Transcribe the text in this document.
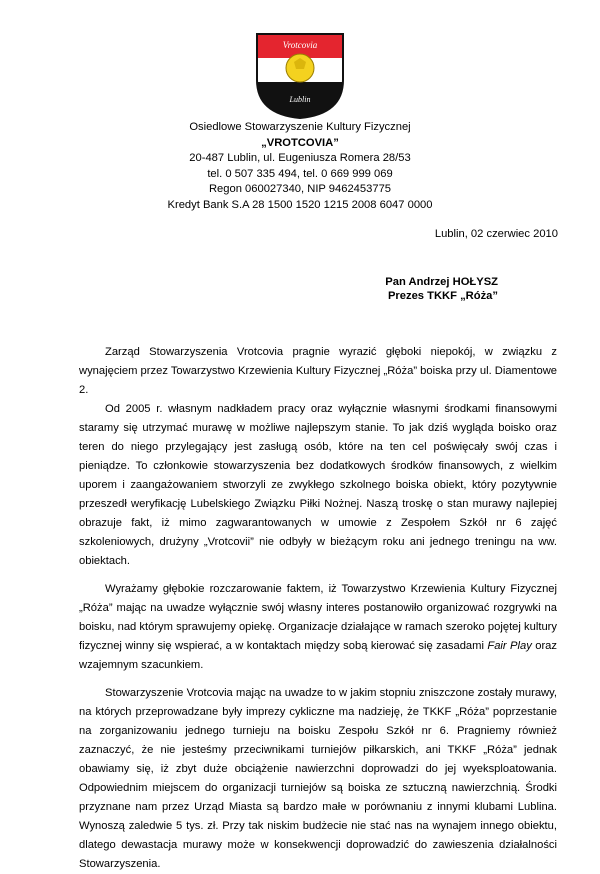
Vrotcovia
Lublin
Osiedlowe Stowarzyszenie Kultury Fizycznej
„VROTCOVIA”
20-487 Lublin, ul. Eugeniusza Romera 28/53
tel. 0 507 335 494, tel. 0 669 999 069
Regon 060027340, NIP 9462453775
Kredyt Bank S.A 28 1500 1520 1215 2008 6047 0000
Lublin, 02 czerwiec 2010
Pan Andrzej HOŁYSZ
Prezes TKKF „Róża”

Zarząd Stowarzyszenia Vrotcovia pragnie wyrazić głęboki niepokój, w związku z wynajęciem przez Towarzystwo Krzewienia Kultury Fizycznej „Róża” boiska przy ul. Diamentowe 2.

Od 2005 r. własnym nadkładem pracy oraz wyłącznie własnymi środkami finansowymi staramy się utrzymać murawę w możliwe najlepszym stanie. To jak dziś wygląda boisko oraz teren do niego przylegający jest zasługą osób, które na ten cel poświęcały swój czas i pieniądze. To członkowie stowarzyszenia bez dodatkowych środków finansowych, z wielkim uporem i zaangażowaniem stworzyli ze zwykłego szkolnego boiska obiekt, który pozytywnie przeszedł weryfikację Lubelskiego Związku Piłki Nożnej. Naszą troskę o stan murawy najlepiej obrazuje fakt, iż mimo zagwarantowanych w umowie z Zespołem Szkół nr 6 zajęć szkoleniowych, drużyny „Vrotcovii” nie odbyły w bieżącym roku ani jednego treningu na ww. obiektach.

Wyrażamy głębokie rozczarowanie faktem, iż Towarzystwo Krzewienia Kultury Fizycznej „Róża” mając na uwadze wyłącznie swój własny interes postanowiło organizować rozgrywki na boisku, nad którym sprawujemy opiekę. Organizacje działające w ramach szeroko pojętej kultury fizycznej winny się wspierać, a w kontaktach między sobą kierować się zasadami Fair Play oraz wzajemnym szacunkiem.

Stowarzyszenie Vrotcovia mając na uwadze to w jakim stopniu zniszczone zostały murawy, na których przeprowadzane były imprezy cykliczne ma nadzieję, że TKKF „Róża” poprzestanie na zorganizowaniu jednego turnieju na boisku Zespołu Szkół nr 6. Pragniemy również zaznaczyć, że nie jesteśmy przeciwnikami turniejów piłkarskich, ani TKKF „Róża” jednak obawiamy się, iż zbyt duże obciążenie nawierzchni doprowadzi do jej wyeksploatowania. Odpowiednim miejscem do organizacji turniejów są boiska ze sztuczną nawierzchnią. Środki przyznane nam przez Urząd Miasta są bardzo małe w porównaniu z innymi klubami Lublina. Wynoszą zaledwie 5 tys. zł. Przy tak niskim budżecie nie stać nas na wynajem innego obiektu, dlatego dewastacja murawy może w konsekwencji doprowadzić do zawieszenia działalności Stowarzyszenia.
